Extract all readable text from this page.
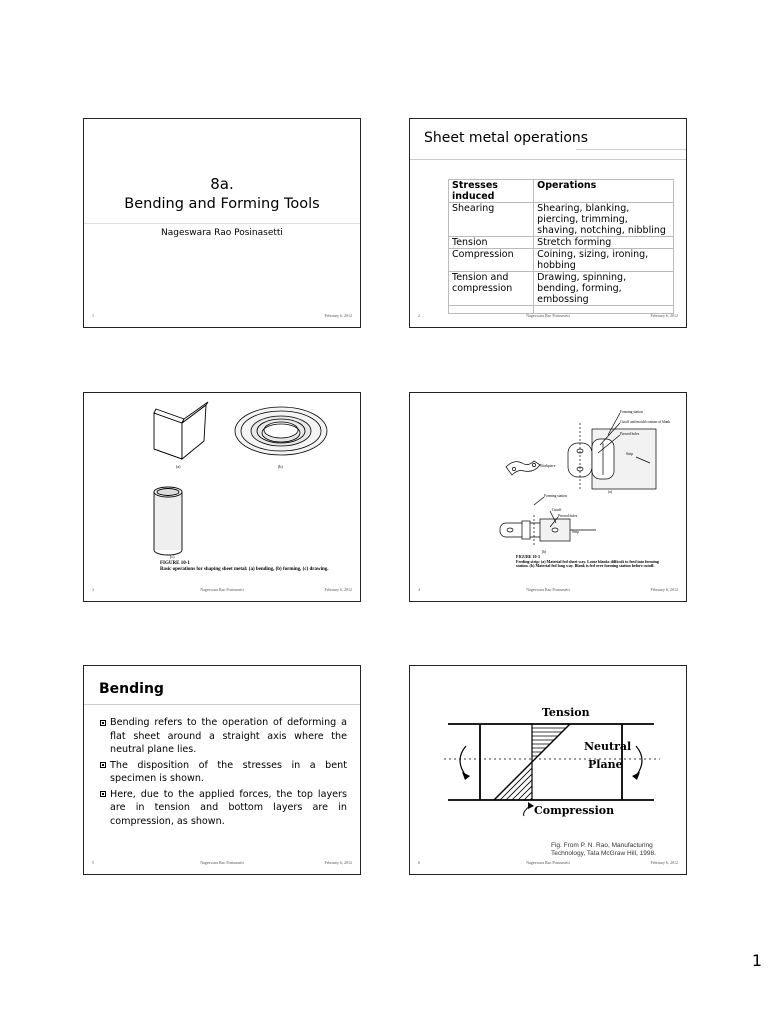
8a.
Bending and Forming Tools
Nageswara Rao Posinasetti
1	February 6, 2012
Sheet metal operations
Stresses induced	Operations
Shearing	Shearing, blanking, piercing, trimming, shaving, notching, nibbling
Tension	Stretch forming
Compression	Coining, sizing, ironing, hobbing
Tension and compression	Drawing, spinning, bending, forming, embossing

2	Nageswara Rao Posinasetti	February 6, 2012
(a)	(b)
(c)
FIGURE 10-1
Basic operations for shaping sheet metal: (a) bending, (b) forming, (c) drawing.
3	Nageswara Rao Posinasetti	February 6, 2012
Forming station
Cutoff and mould contour of blank
Pierced holes
Strip
Workpiece
(a)
Forming station
Cutoff
Pierced holes
Strip
(b)
FIGURE 10-3
Feeding strip: (a) Material fed sheet way. Loose blanks difficult to feed into forming station. (b) Material fed long way. Blank is fed over forming station before cutoff.
4	Nageswara Rao Posinasetti	February 6, 2012
Bending
Bending refers to the operation of deforming a flat sheet around a straight axis where the neutral plane lies.
The disposition of the stresses in a bent specimen is shown.
Here, due to the applied forces, the top layers are in tension and bottom layers are in compression, as shown.
5	Nageswara Rao Posinasetti	February 6, 2012
Tension
Neutral
Plane
Compression
Fig. From P. N. Rao, Manufacturing
Technology, Tata McGraw Hill, 1998.
6	Nageswara Rao Posinasetti	February 6, 2012
1
